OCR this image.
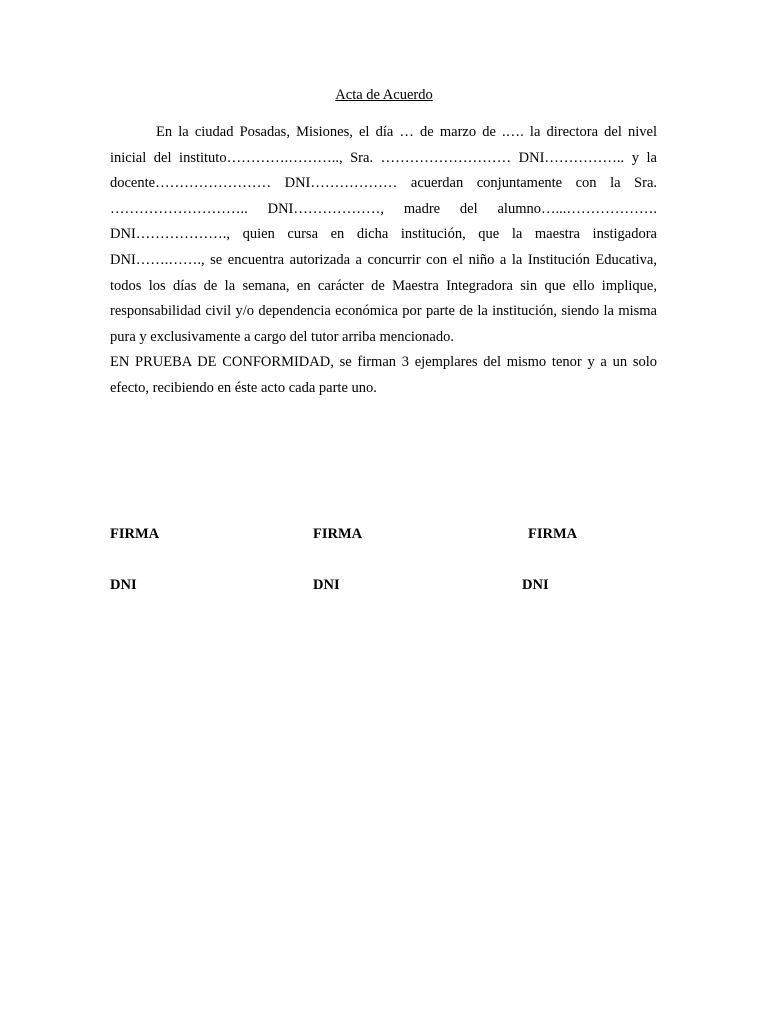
Acta de Acuerdo

En la ciudad Posadas, Misiones, el día … de marzo de .…. la directora del nivel inicial del instituto………….……….., Sra. ……………………… DNI…………….. y la docente…………………… DNI……………… acuerdan conjuntamente con la Sra. ……………………….. DNI………………, madre del alumno…...………………. DNI………………., quien cursa en dicha institución, que la maestra instigadora DNI…….……., se encuentra autorizada a concurrir con el niño a la Institución Educativa, todos los días de la semana, en carácter de Maestra Integradora sin que ello implique, responsabilidad civil y/o dependencia económica por parte de la institución, siendo la misma pura y exclusivamente a cargo del tutor arriba mencionado.

EN PRUEBA DE CONFORMIDAD, se firman 3 ejemplares del mismo tenor y a un solo efecto, recibiendo en éste acto cada parte uno.

FIRMA	FIRMA	FIRMA
DNI	DNI	DNI
